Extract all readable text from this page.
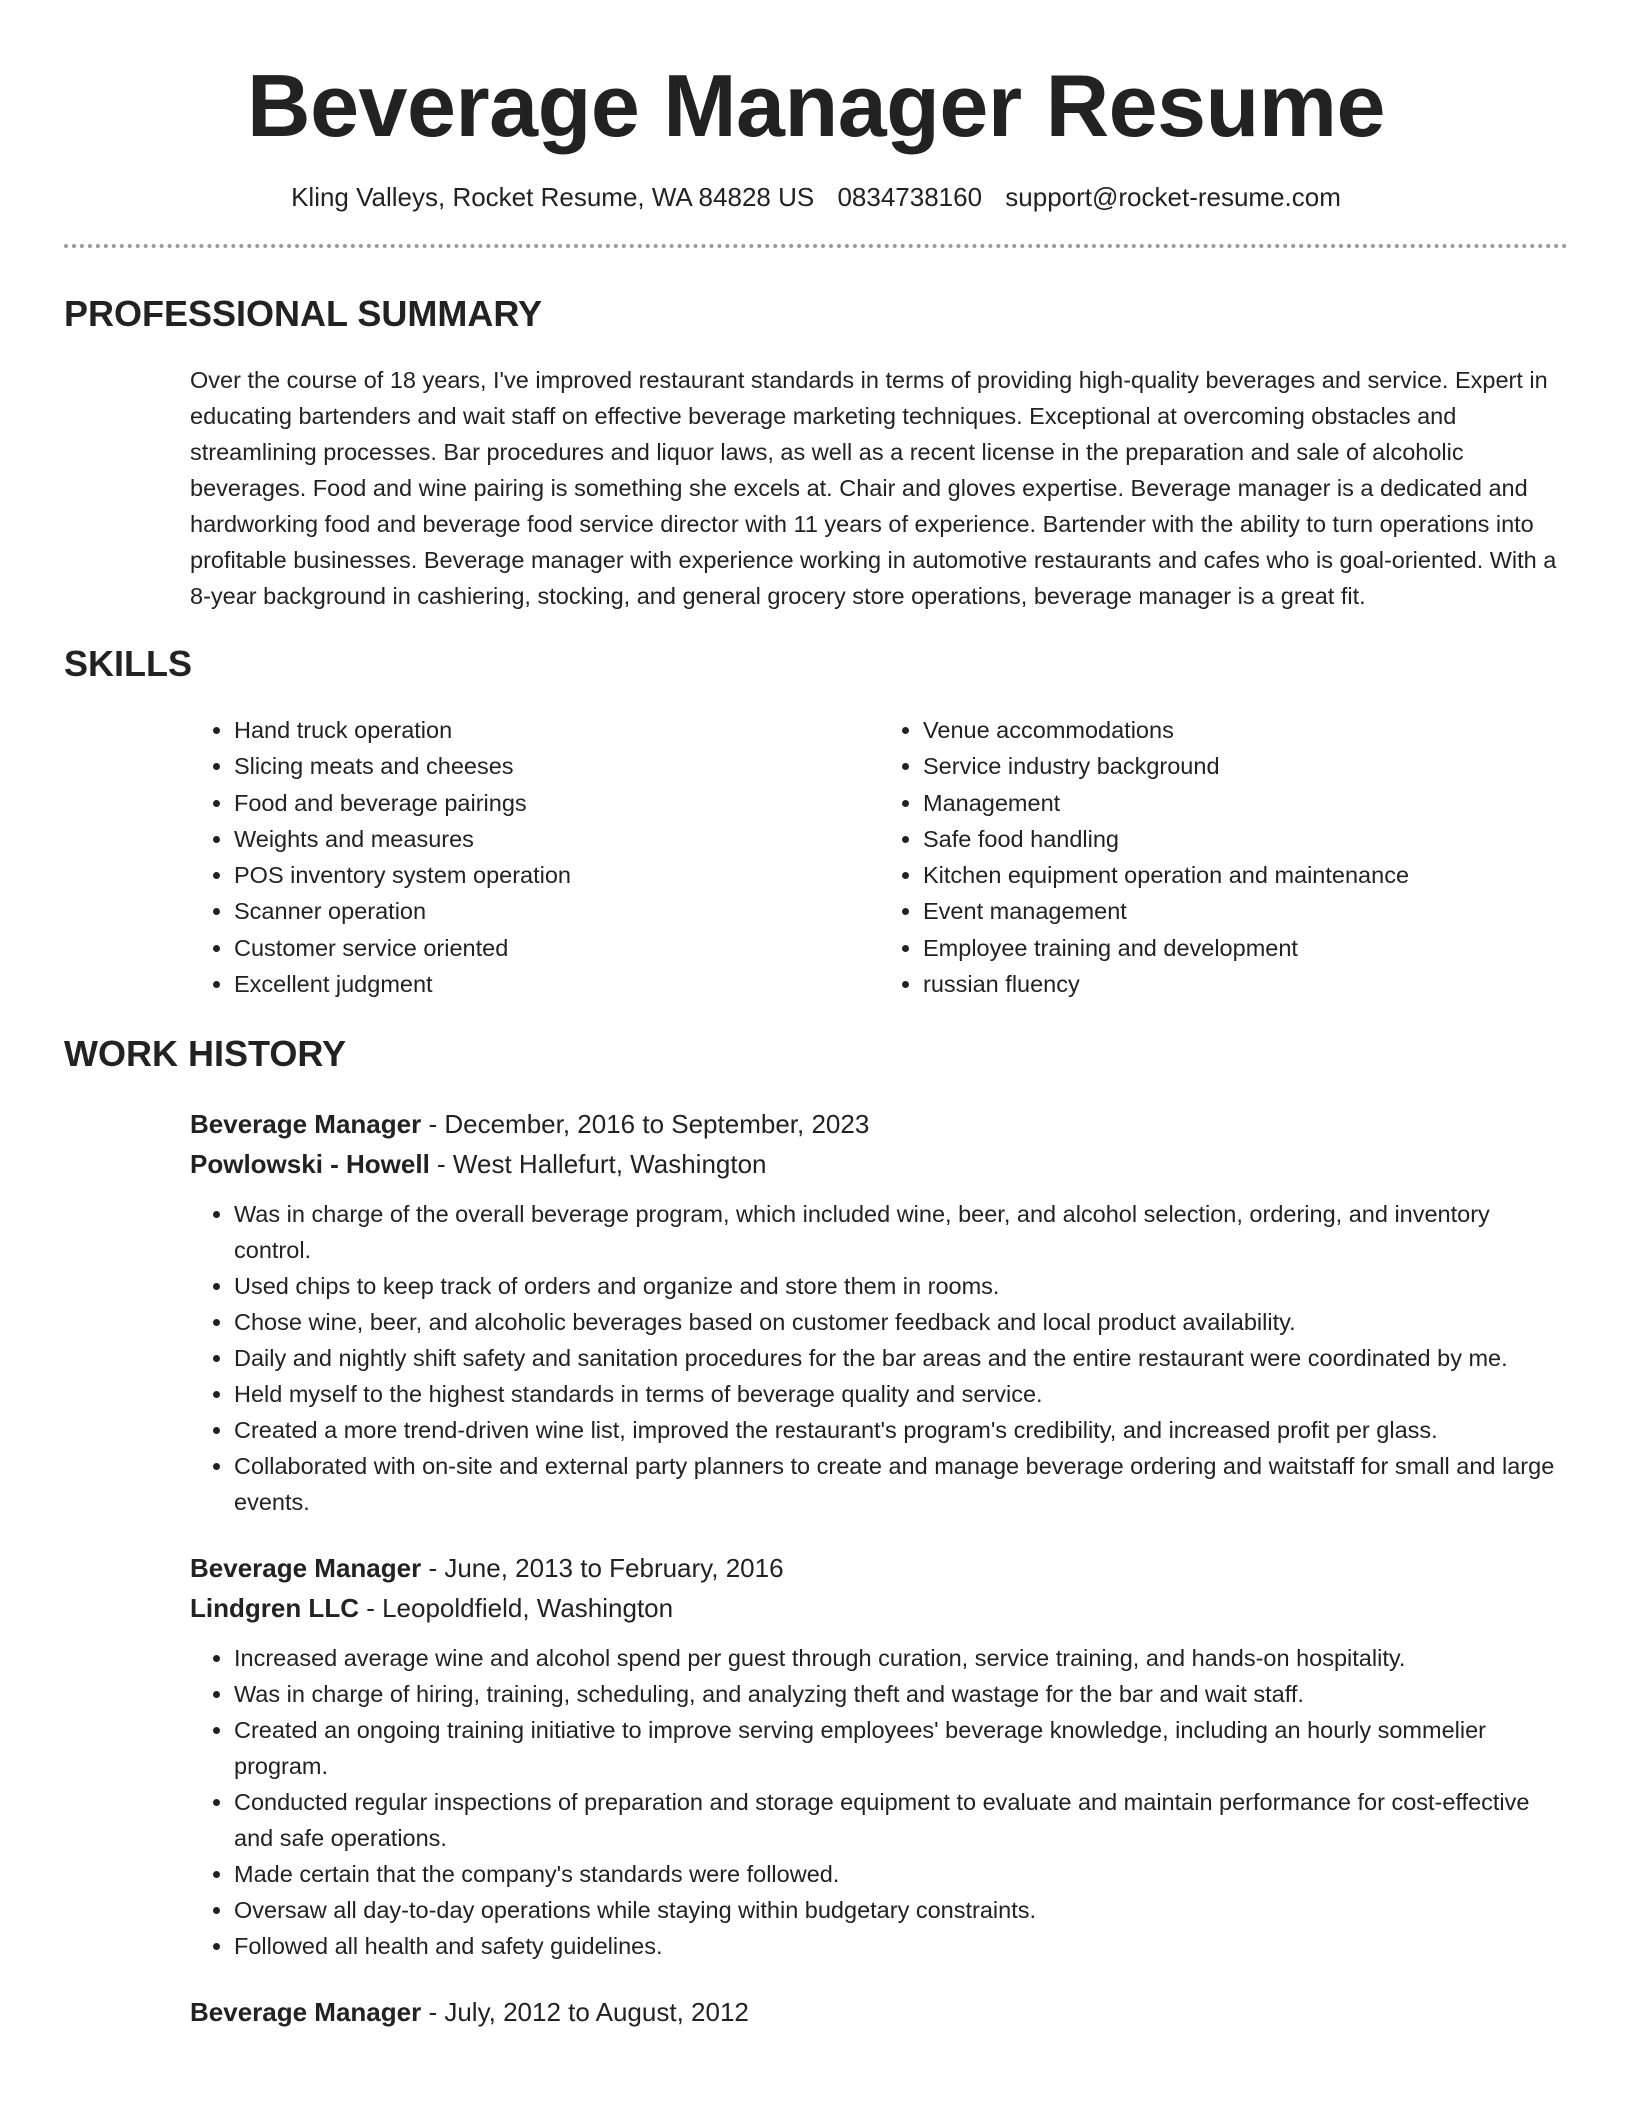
Beverage Manager Resume
Kling Valleys, Rocket Resume, WA 84828 US 0834738160 support@rocket-resume.com
PROFESSIONAL SUMMARY

Over the course of 18 years, I've improved restaurant standards in terms of providing high-quality beverages and service. Expert in educating bartenders and wait staff on effective beverage marketing techniques. Exceptional at overcoming obstacles and streamlining processes. Bar procedures and liquor laws, as well as a recent license in the preparation and sale of alcoholic beverages. Food and wine pairing is something she excels at. Chair and gloves expertise. Beverage manager is a dedicated and hardworking food and beverage food service director with 11 years of experience. Bartender with the ability to turn operations into profitable businesses. Beverage manager with experience working in automotive restaurants and cafes who is goal-oriented. With a 8-year background in cashiering, stocking, and general grocery store operations, beverage manager is a great fit.

SKILLS
• Hand truck operation
• Slicing meats and cheeses
• Food and beverage pairings
• Weights and measures
• POS inventory system operation
• Scanner operation
• Customer service oriented
• Excellent judgment
• Venue accommodations
• Service industry background
• Management
• Safe food handling
• Kitchen equipment operation and maintenance
• Event management
• Employee training and development
• russian fluency
WORK HISTORY
Beverage Manager - December, 2016 to September, 2023
Powlowski - Howell - West Hallefurt, Washington
• Was in charge of the overall beverage program, which included wine, beer, and alcohol selection, ordering, and inventory control.
• Used chips to keep track of orders and organize and store them in rooms.
• Chose wine, beer, and alcoholic beverages based on customer feedback and local product availability.
• Daily and nightly shift safety and sanitation procedures for the bar areas and the entire restaurant were coordinated by me.
• Held myself to the highest standards in terms of beverage quality and service.
• Created a more trend-driven wine list, improved the restaurant's program's credibility, and increased profit per glass.
• Collaborated with on-site and external party planners to create and manage beverage ordering and waitstaff for small and large events.
Beverage Manager - June, 2013 to February, 2016
Lindgren LLC - Leopoldfield, Washington
• Increased average wine and alcohol spend per guest through curation, service training, and hands-on hospitality.
• Was in charge of hiring, training, scheduling, and analyzing theft and wastage for the bar and wait staff.
• Created an ongoing training initiative to improve serving employees' beverage knowledge, including an hourly sommelier program.
• Conducted regular inspections of preparation and storage equipment to evaluate and maintain performance for cost-effective and safe operations.
• Made certain that the company's standards were followed.
• Oversaw all day-to-day operations while staying within budgetary constraints.
• Followed all health and safety guidelines.
Beverage Manager - July, 2012 to August, 2012
